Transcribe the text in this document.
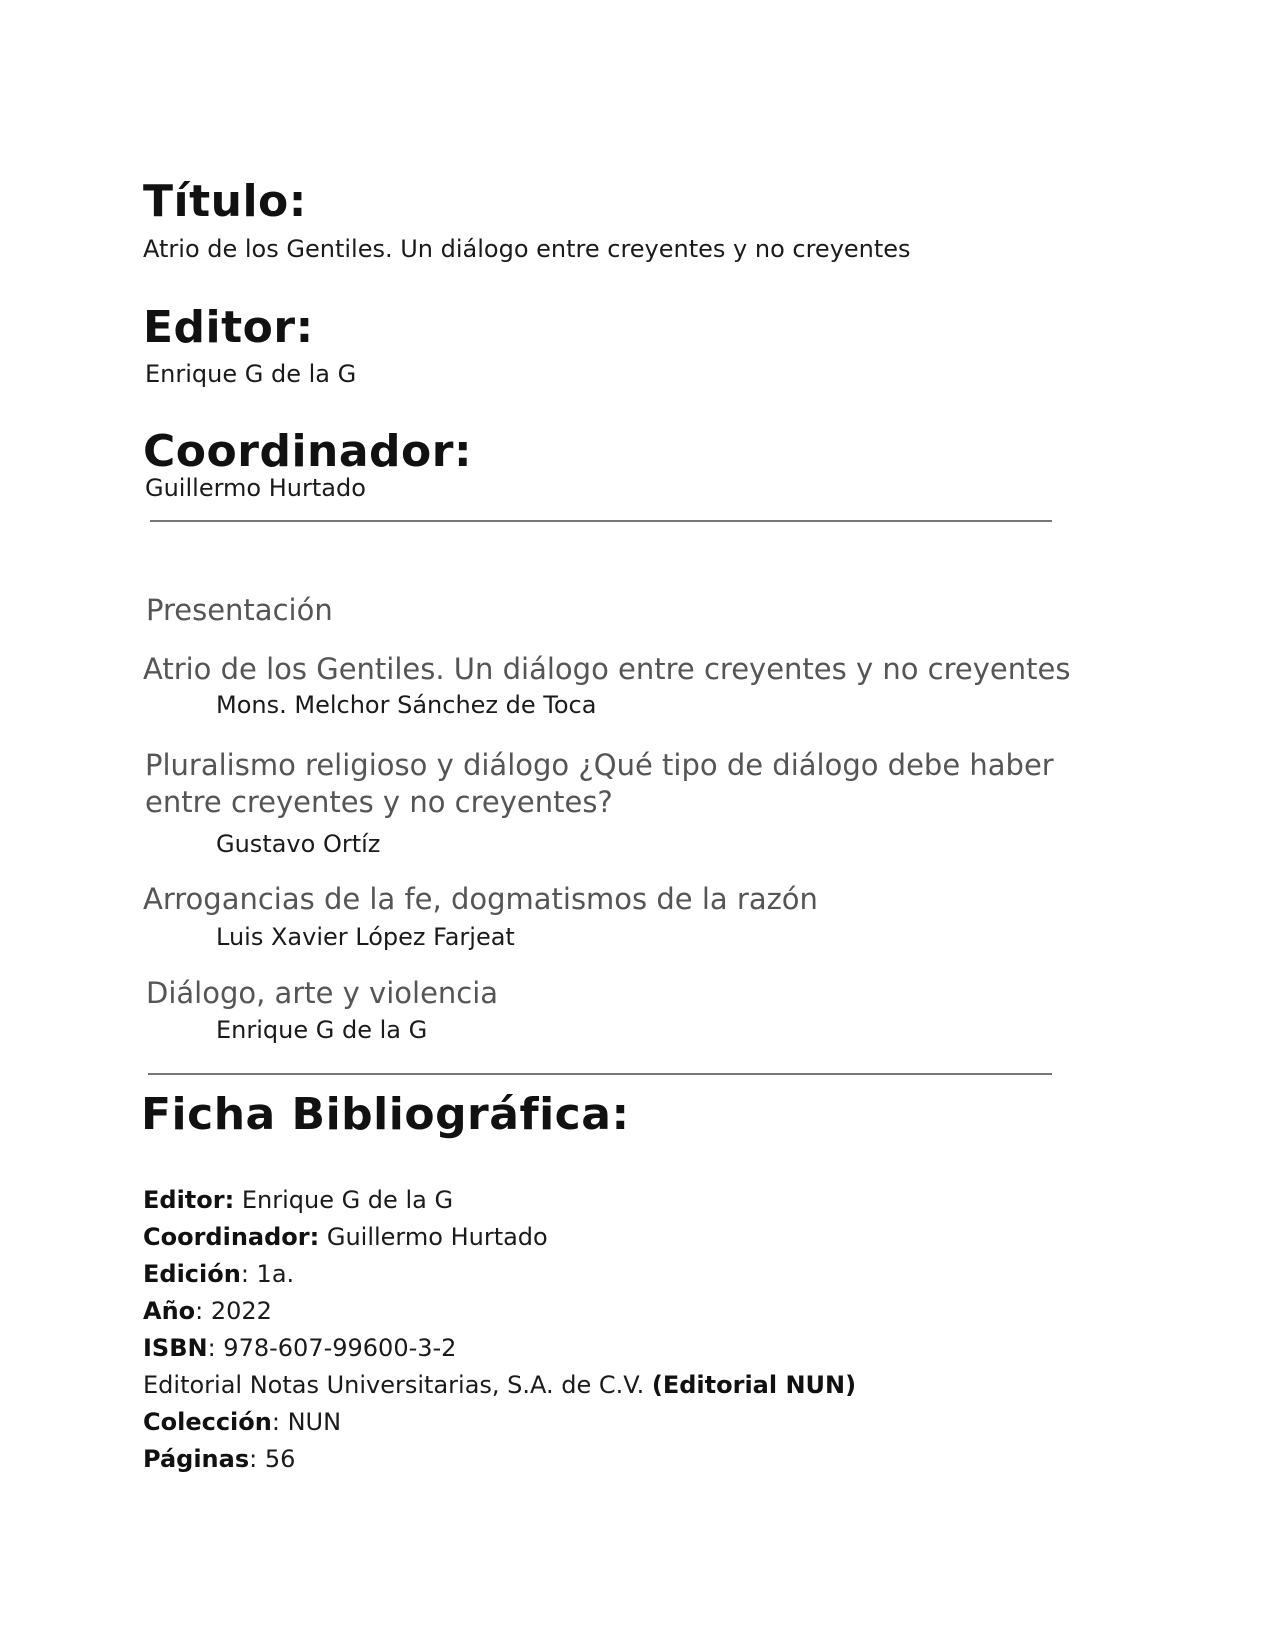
Título:
Atrio de los Gentiles. Un diálogo entre creyentes y no creyentes
Editor:
Enrique G de la G
Coordinador:
Guillermo Hurtado
Presentación
Atrio de los Gentiles. Un diálogo entre creyentes y no creyentes
Mons. Melchor Sánchez de Toca
Pluralismo religioso y diálogo ¿Qué tipo de diálogo debe haber
entre creyentes y no creyentes?
Gustavo Ortíz
Arrogancias de la fe, dogmatismos de la razón
Luis Xavier López Farjeat
Diálogo, arte y violencia
Enrique G de la G
Ficha Bibliográfica:
Editor: Enrique G de la G
Coordinador: Guillermo Hurtado
Edición: 1a.
Año: 2022
ISBN: 978-607-99600-3-2
Editorial Notas Universitarias, S.A. de C.V. (Editorial NUN)
Colección: NUN
Páginas: 56
